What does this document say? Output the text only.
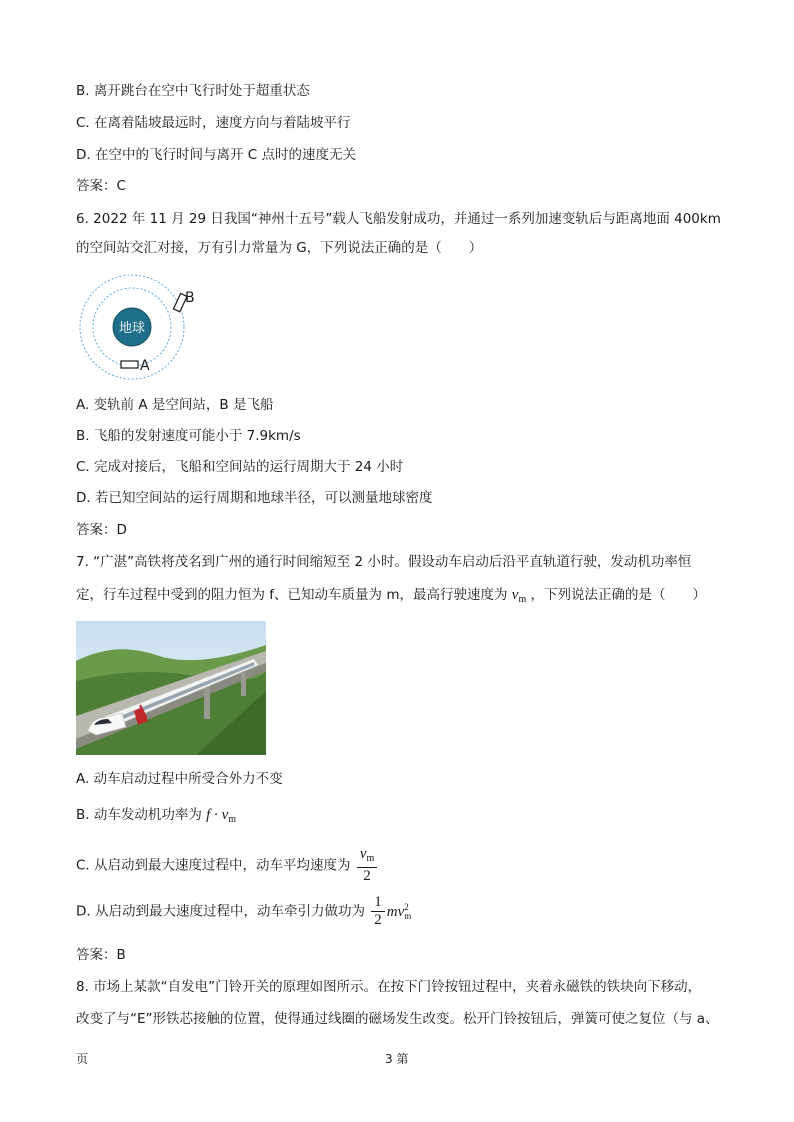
B. 离开跳台在空中飞行时处于超重状态
C. 在离着陆坡最远时，速度方向与着陆坡平行
D. 在空中的飞行时间与离开 C 点时的速度无关
答案：C
6. 2022 年 11 月 29 日我国“神州十五号”载人飞船发射成功，并通过一系列加速变轨后与距离地面 400km
的空间站交汇对接，万有引力常量为 G，下列说法正确的是（　　）
地球
B
A
A. 变轨前 A 是空间站，B 是飞船
B. 飞船的发射速度可能小于 7.9km/s
C. 完成对接后，飞船和空间站的运行周期大于 24 小时
D. 若已知空间站的运行周期和地球半径，可以测量地球密度
答案：D
7. “广湛”高铁将茂名到广州的通行时间缩短至 2 小时。假设动车启动后沿平直轨道行驶，发动机功率恒
定，行车过程中受到的阻力恒为 f、已知动车质量为 m，最高行驶速度为 $v_m$ ，下列说法正确的是（　　）
A. 动车启动过程中所受合外力不变
B. 动车发动机功率为 $f \cdot v_m$
C. 从启动到最大速度过程中，动车平均速度为 $\frac{v_m}{2}$
D. 从启动到最大速度过程中，动车牵引力做功为 $\frac{1}{2}$ mv 2
m
答案：B
8. 市场上某款“自发电”门铃开关的原理如图所示。在按下门铃按钮过程中，夹着永磁铁的铁块向下移动，
改变了与“E”形铁芯接触的位置，使得通过线圈的磁场发生改变。松开门铃按钮后，弹簧可使之复位（与 a、
页	3 第
